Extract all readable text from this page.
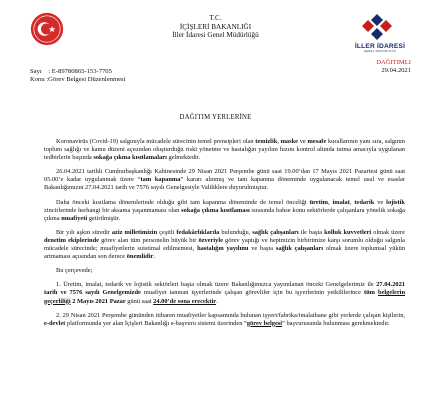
T.C.
İÇİŞLERİ BAKANLIĞI
İller İdaresi Genel Müdürlüğü
İLLER İDARESİ
GENEL MÜDÜRLÜĞÜ
DAĞITIMLI
29.04.2021
Sayı : E-89780865-153-7705
Konu :Görev Belgesi Düzenlenmesi
DAĞITIM YERLERİNE

Koronavirüs (Covid-19) salgınıyla mücadele sürecinin temel prensipleri olan temizlik, maske ve mesafe kurallarının yanı sıra, salgının toplum sağlığı ve kamu düzeni açısından oluşturduğu riski yönetme ve hastalığın yayılım hızını kontrol altında tutma amacıyla uygulanan tedbirlerin başında sokağa çıkma kısıtlamaları gelmektedir.

26.04.2021 tarihli Cumhurbaşkanlığı Kabinesinde 29 Nisan 2021 Perşembe günü saat 19.00’dan 17 Mayıs 2021 Pazartesi günü saat 05.00’e kadar uygulanmak üzere “tam kapanma” kararı alınmış ve tam kapanma döneminde uygulanacak temel usul ve esaslar Bakanlığımızın 27.04.2021 tarih ve 7576 sayılı Genelgesiyle Valiliklere duyurulmuştur.

Daha önceki kısıtlama dönemlerinde olduğu gibi tam kapanma döneminde de temel önceliği üretim, imalat, tedarik ve lojistik zincirlerinde herhangi bir aksama yaşanmaması olan sokağa çıkma kısıtlaması sırasında bahse konu sektörlerde çalışanlara yönelik sokağa çıkma muafiyeti getirilmiştir.

Bir yılı aşkın süredir aziz milletimizin çeşitli fedakârlıklarda bulunduğu, sağlık çalışanları ile başta kolluk kuvvetleri olmak üzere denetim ekiplerinde görev alan tüm personelin büyük bir özveriyle görev yaptığı ve hepimizin birbirimize karşı sorumlu olduğu salgınla mücadele sürecinde; muafiyetlerin suistimal edilmemesi, hastalığın yayılımı ve başta sağlık çalışanları olmak üzere toplumsal yükün artmaması açısından son derece önemlidir.

Bu çerçevede;

1. Üretim, imalat, tedarik ve lojistik sektörleri başta olmak üzere Bakanlığımızca yayımlanan önceki Genelgelerimiz ile 27.04.2021 tarih ve 7576 sayılı Genelgemizde muafiyet tanınan işyerlerinde çalışan görevliler için bu işyerlerinin yetkililerince tüm belgelerin geçerliliği 2 Mayıs 2021 Pazar günü saat 24.00’de sona erecektir.

2. 29 Nisan 2021 Perşembe gününden itibaren muafiyetler kapsamında bulunan işyeri/fabrika/imalathane gibi yerlerde çalışan kişilerin, e-devlet platformunda yer alan İçişleri Bakanlığı e-başvuru sistemi üzerinden “görev belgesi” başvurusunda bulunması gerekmektedir.
